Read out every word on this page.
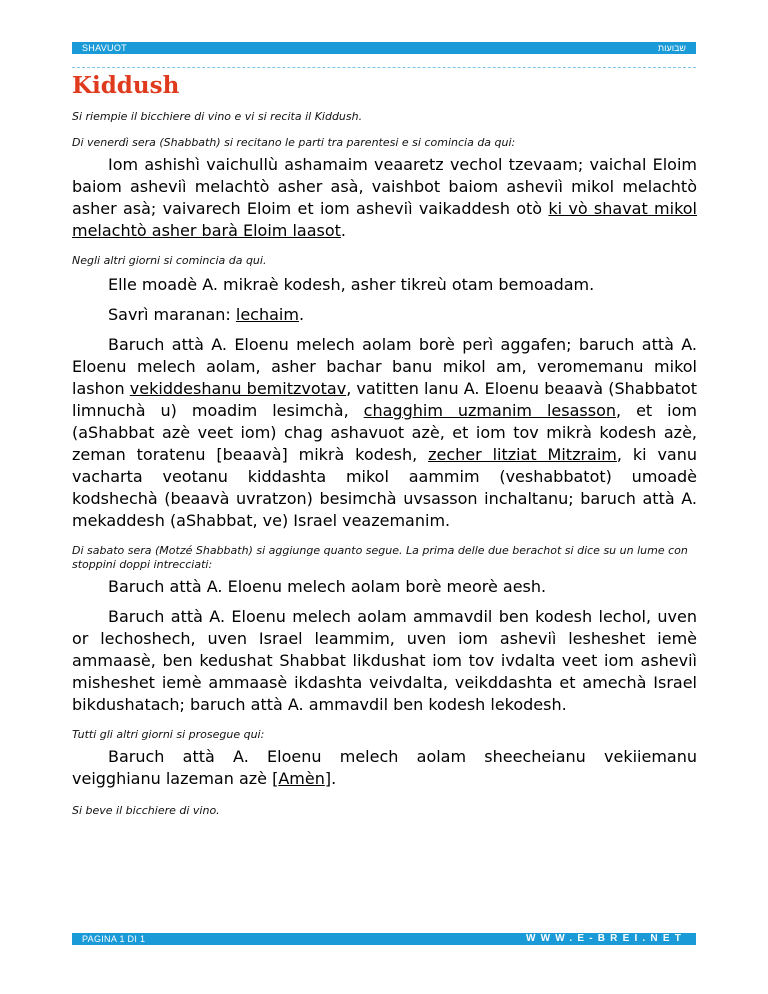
SHAVUOT	שבועות
Kiddush

Si riempie il bicchiere di vino e vi si recita il Kiddush.

Di venerdì sera (Shabbath) si recitano le parti tra parentesi e si comincia da qui:

Iom ashishì vaichullù ashamaim veaaretz vechol tzevaam; vaichal Eloim baiom asheviì melachtò asher asà, vaishbot baiom asheviì mikol melachtò asher asà; vaivarech Eloim et iom asheviì vaikaddesh otò ki vò shavat mikol melachtò asher barà Eloim laasot.

Negli altri giorni si comincia da qui.

Elle moadè A. mikraè kodesh, asher tikreù otam bemoadam.

Savrì maranan: lechaim.

Baruch attà A. Eloenu melech aolam borè perì aggafen; baruch attà A. Eloenu melech aolam, asher bachar banu mikol am, veromemanu mikol lashon vekiddeshanu bemitzvotav, vatitten lanu A. Eloenu beaavà (Shabbatot limnuchà u) moadim lesimchà, chagghim uzmanim lesasson, et iom (aShabbat azè veet iom) chag ashavuot azè, et iom tov mikrà kodesh azè, zeman toratenu [beaavà] mikrà kodesh, zecher litziat Mitzraim, ki vanu vacharta veotanu kiddashta mikol aammim (veshabbatot) umoadè kodshechà (beaavà uvratzon) besimchà uvsasson inchaltanu; baruch attà A. mekaddesh (aShabbat, ve) Israel veazemanim.

Di sabato sera (Motzé Shabbath) si aggiunge quanto segue. La prima delle due berachot si dice su un lume con stoppini doppi intrecciati:

Baruch attà A. Eloenu melech aolam borè meorè aesh.

Baruch attà A. Eloenu melech aolam ammavdil ben kodesh lechol, uven or lechoshech, uven Israel leammim, uven iom asheviì lesheshet iemè ammaasè, ben kedushat Shabbat likdushat iom tov ivdalta veet iom asheviì misheshet iemè ammaasè ikdashta veivdalta, veikddashta et amechà Israel bikdushatach; baruch attà A. ammavdil ben kodesh lekodesh.

Tutti gli altri giorni si prosegue qui:

Baruch attà A. Eloenu melech aolam sheecheianu vekiiemanu veigghianu lazeman azè [Amèn].

Si beve il bicchiere di vino.

PAGINA 1 DI 1	WWW.E-BREI.NET
